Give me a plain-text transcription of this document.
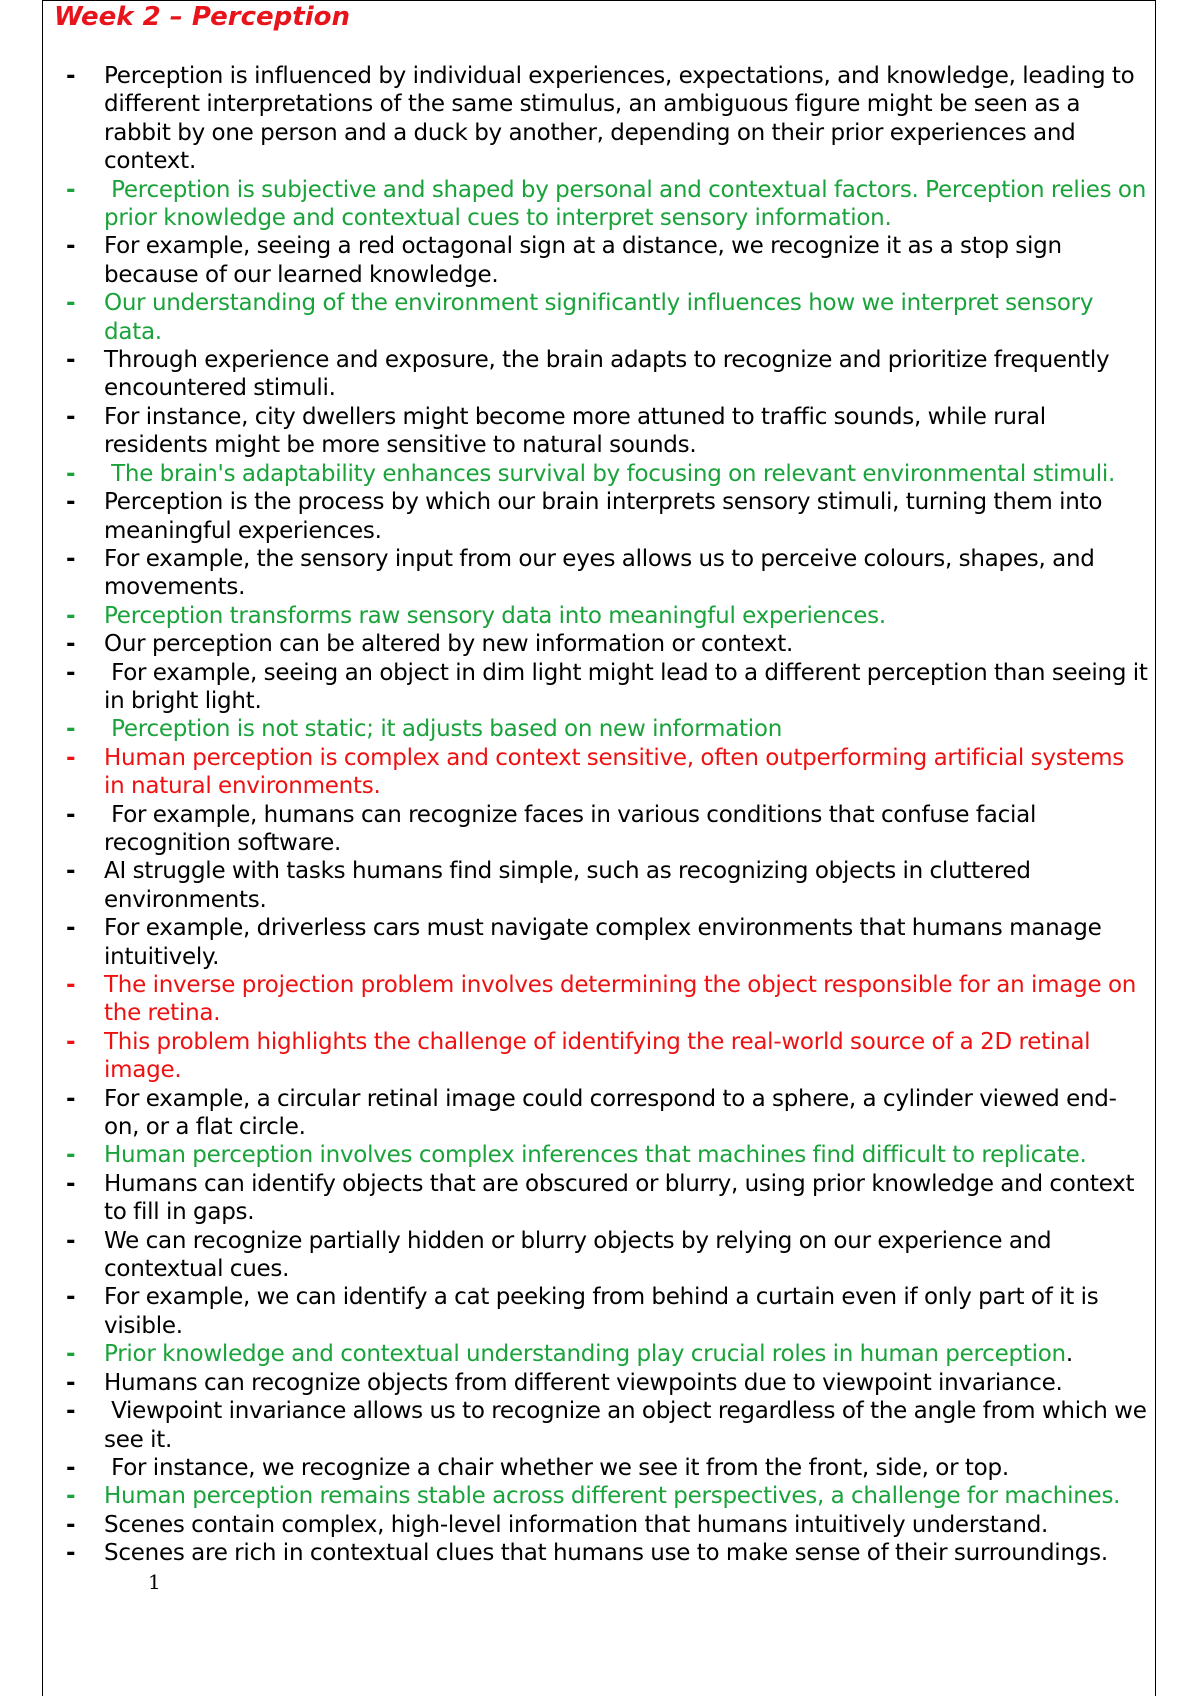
Week 2 – Perception
-	Perception is influenced by individual experiences, expectations, and knowledge, leading to different interpretations of the same stimulus, an ambiguous figure might be seen as a rabbit by one person and a duck by another, depending on their prior experiences and context.
-	Perception is subjective and shaped by personal and contextual factors. Perception relies on prior knowledge and contextual cues to interpret sensory information.
-	For example, seeing a red octagonal sign at a distance, we recognize it as a stop sign because of our learned knowledge.
-	Our understanding of the environment significantly influences how we interpret sensory data.
-	Through experience and exposure, the brain adapts to recognize and prioritize frequently encountered stimuli.
-	For instance, city dwellers might become more attuned to traffic sounds, while rural residents might be more sensitive to natural sounds.
-	The brain's adaptability enhances survival by focusing on relevant environmental stimuli.
-	Perception is the process by which our brain interprets sensory stimuli, turning them into meaningful experiences.
-	For example, the sensory input from our eyes allows us to perceive colours, shapes, and movements.
-	Perception transforms raw sensory data into meaningful experiences.
-	Our perception can be altered by new information or context.
-	For example, seeing an object in dim light might lead to a different perception than seeing it in bright light.
-	Perception is not static; it adjusts based on new information
-	Human perception is complex and context sensitive, often outperforming artificial systems in natural environments.
-	For example, humans can recognize faces in various conditions that confuse facial recognition software.
-	AI struggle with tasks humans find simple, such as recognizing objects in cluttered environments.
-	For example, driverless cars must navigate complex environments that humans manage intuitively.
-	The inverse projection problem involves determining the object responsible for an image on the retina.
-	This problem highlights the challenge of identifying the real-world source of a 2D retinal image.
-	For example, a circular retinal image could correspond to a sphere, a cylinder viewed end-on, or a flat circle.
-	Human perception involves complex inferences that machines find difficult to replicate.
-	Humans can identify objects that are obscured or blurry, using prior knowledge and context to fill in gaps.
-	We can recognize partially hidden or blurry objects by relying on our experience and contextual cues.
-	For example, we can identify a cat peeking from behind a curtain even if only part of it is visible.
-	Prior knowledge and contextual understanding play crucial roles in human perception.
-	Humans can recognize objects from different viewpoints due to viewpoint invariance.
-	Viewpoint invariance allows us to recognize an object regardless of the angle from which we see it.
-	For instance, we recognize a chair whether we see it from the front, side, or top.
-	Human perception remains stable across different perspectives, a challenge for machines.
-	Scenes contain complex, high-level information that humans intuitively understand.
-	Scenes are rich in contextual clues that humans use to make sense of their surroundings.
1
